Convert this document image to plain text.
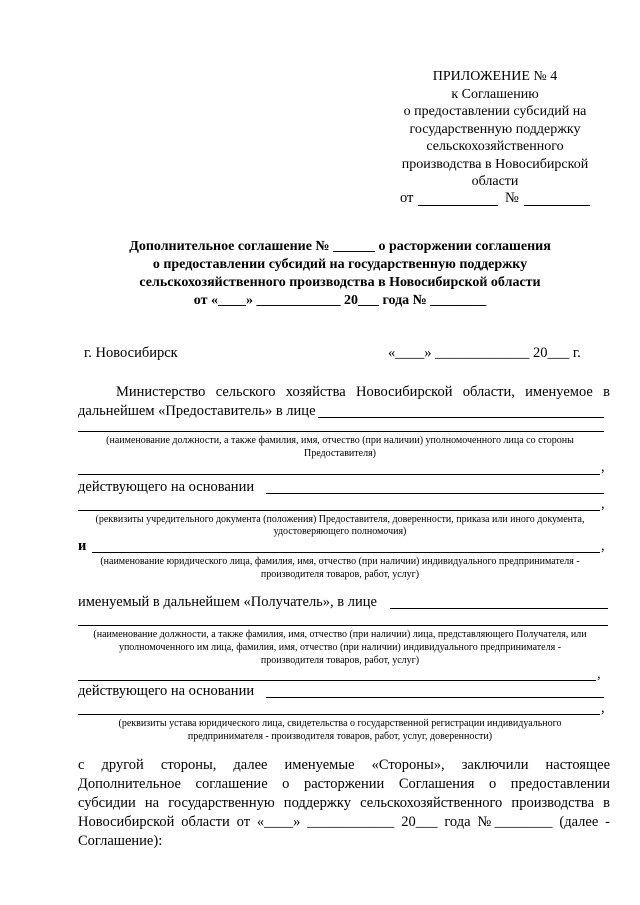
ПРИЛОЖЕНИЕ № 4
к Соглашению
о предоставлении субсидий на
государственную поддержку
сельскохозяйственного
производства в Новосибирской
области
от	№
Дополнительное соглашение № ______ о расторжении соглашения
о предоставлении субсидий на государственную поддержку
сельскохозяйственного производства в Новосибирской области
от «____» ____________ 20___ года № ________
г. Новосибирск	«____» _____________ 20___ г.
Министерство сельского хозяйства Новосибирской области, именуемое в
дальнейшем «Предоставитель» в лице
(наименование должности, а также фамилия, имя, отчество (при наличии) уполномоченного лица со стороны
Предоставителя)
,
действующего на основании
,
(реквизиты учредительного документа (положения) Предоставителя, доверенности, приказа или иного документа,
удостоверяющего полномочия)
и	,
(наименование юридического лица, фамилия, имя, отчество (при наличии) индивидуального предпринимателя -
производителя товаров, работ, услуг)
именуемый в дальнейшем «Получатель», в лице
(наименование должности, а также фамилия, имя, отчество (при наличии) лица, представляющего Получателя, или
уполномоченного им лица, фамилия, имя, отчество (при наличии) индивидуального предпринимателя -
производителя товаров, работ, услуг)
,
действующего на основании
,
(реквизиты устава юридического лица, свидетельства о государственной регистрации индивидуального
предпринимателя - производителя товаров, работ, услуг, доверенности)
с другой стороны, далее именуемые «Стороны», заключили настоящее
Дополнительное соглашение о расторжении Соглашения о предоставлении
субсидии на государственную поддержку сельскохозяйственного производства в
Новосибирской области от «____» ____________ 20___ года №________ (далее -
Соглашение):
